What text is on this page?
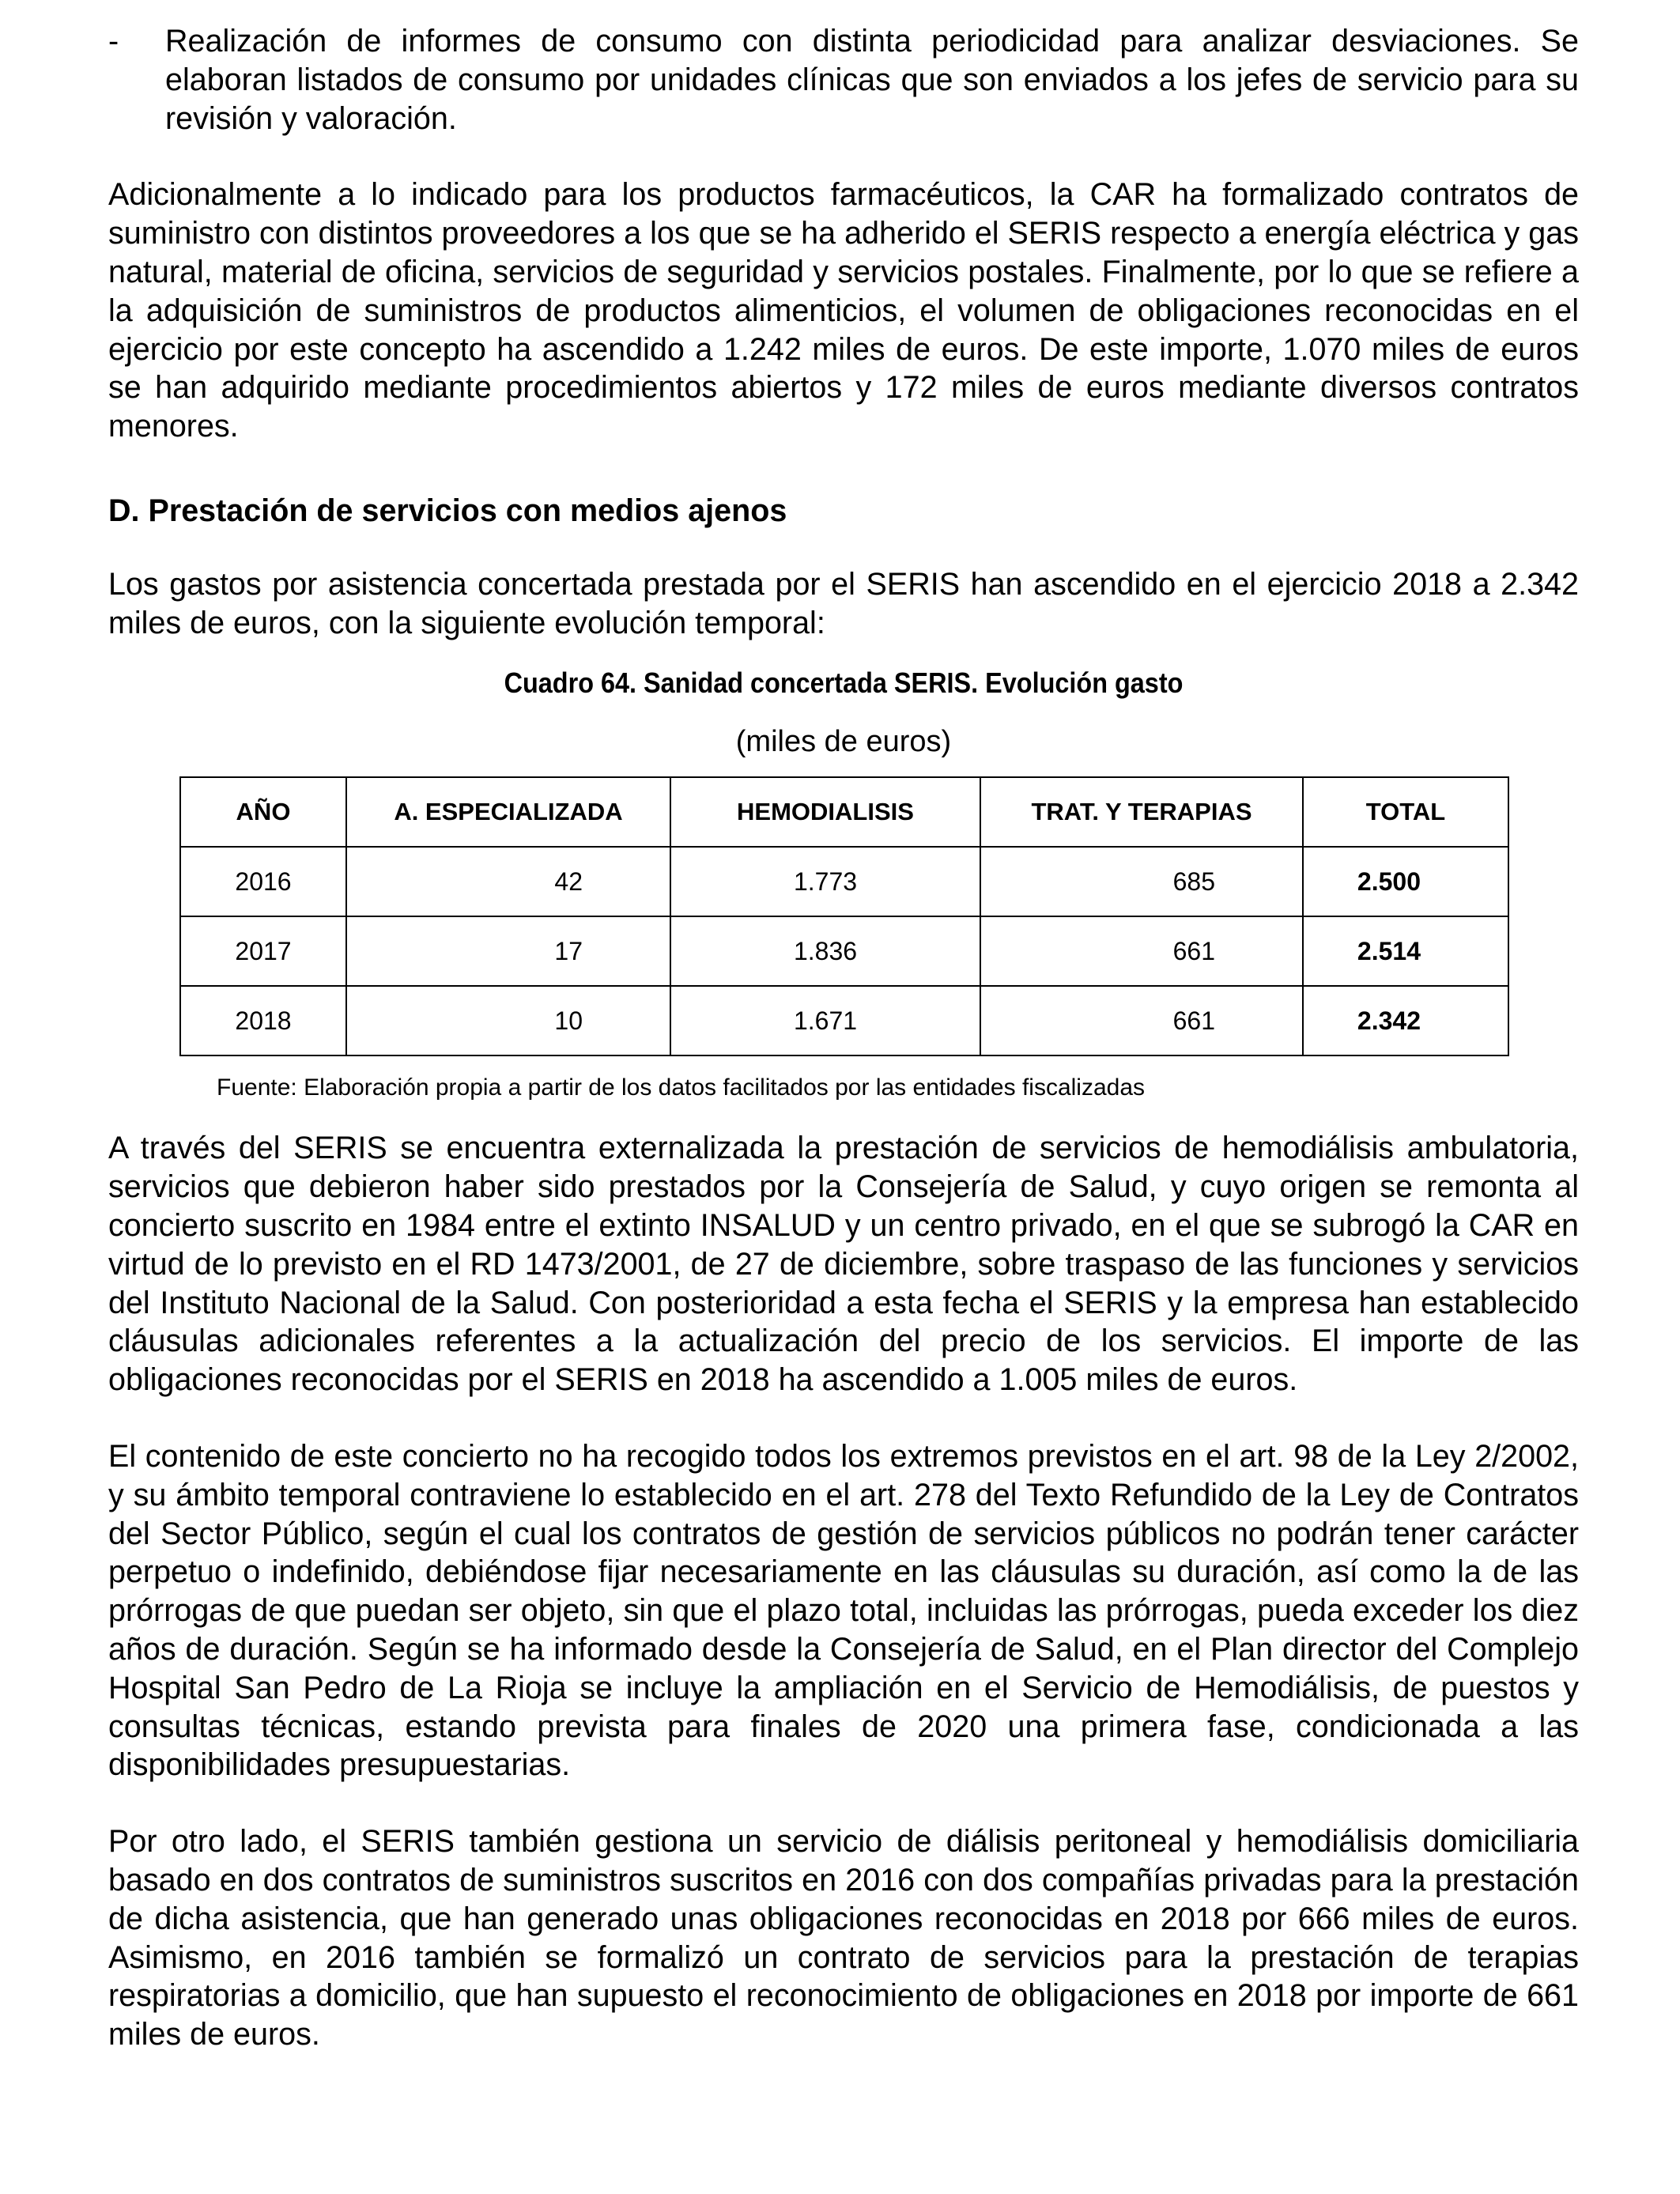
-	Realización de informes de consumo con distinta periodicidad para analizar desviaciones. Se elaboran listados de consumo por unidades clínicas que son enviados a los jefes de servicio para su revisión y valoración.

Adicionalmente a lo indicado para los productos farmacéuticos, la CAR ha formalizado contratos de suministro con distintos proveedores a los que se ha adherido el SERIS respecto a energía eléctrica y gas natural, material de oficina, servicios de seguridad y servicios postales. Finalmente, por lo que se refiere a la adquisición de suministros de productos alimenticios, el volumen de obligaciones reconocidas en el ejercicio por este concepto ha ascendido a 1.242 miles de euros. De este importe, 1.070 miles de euros se han adquirido mediante procedimientos abiertos y 172 miles de euros mediante diversos contratos menores.

D. Prestación de servicios con medios ajenos

Los gastos por asistencia concertada prestada por el SERIS han ascendido en el ejercicio 2018 a 2.342 miles de euros, con la siguiente evolución temporal:

Cuadro 64. Sanidad concertada SERIS. Evolución gasto
(miles de euros)
AÑO	A. ESPECIALIZADA	HEMODIALISIS	TRAT. Y TERAPIAS	TOTAL
2016	42	1.773	685	2.500
2017	17	1.836	661	2.514
2018	10	1.671	661	2.342
Fuente: Elaboración propia a partir de los datos facilitados por las entidades fiscalizadas

A través del SERIS se encuentra externalizada la prestación de servicios de hemodiálisis ambulatoria, servicios que debieron haber sido prestados por la Consejería de Salud, y cuyo origen se remonta al concierto suscrito en 1984 entre el extinto INSALUD y un centro privado, en el que se subrogó la CAR en virtud de lo previsto en el RD 1473/2001, de 27 de diciembre, sobre traspaso de las funciones y servicios del Instituto Nacional de la Salud. Con posterioridad a esta fecha el SERIS y la empresa han establecido cláusulas adicionales referentes a la actualización del precio de los servicios. El importe de las obligaciones reconocidas por el SERIS en 2018 ha ascendido a 1.005 miles de euros.

El contenido de este concierto no ha recogido todos los extremos previstos en el art. 98 de la Ley 2/2002, y su ámbito temporal contraviene lo establecido en el art. 278 del Texto Refundido de la Ley de Contratos del Sector Público, según el cual los contratos de gestión de servicios públicos no podrán tener carácter perpetuo o indefinido, debiéndose fijar necesariamente en las cláusulas su duración, así como la de las prórrogas de que puedan ser objeto, sin que el plazo total, incluidas las prórrogas, pueda exceder los diez años de duración. Según se ha informado desde la Consejería de Salud, en el Plan director del Complejo Hospital San Pedro de La Rioja se incluye la ampliación en el Servicio de Hemodiálisis, de puestos y consultas técnicas, estando prevista para finales de 2020 una primera fase, condicionada a las disponibilidades presupuestarias.

Por otro lado, el SERIS también gestiona un servicio de diálisis peritoneal y hemodiálisis domiciliaria basado en dos contratos de suministros suscritos en 2016 con dos compañías privadas para la prestación de dicha asistencia, que han generado unas obligaciones reconocidas en 2018 por 666 miles de euros. Asimismo, en 2016 también se formalizó un contrato de servicios para la prestación de terapias respiratorias a domicilio, que han supuesto el reconocimiento de obligaciones en 2018 por importe de 661 miles de euros.
